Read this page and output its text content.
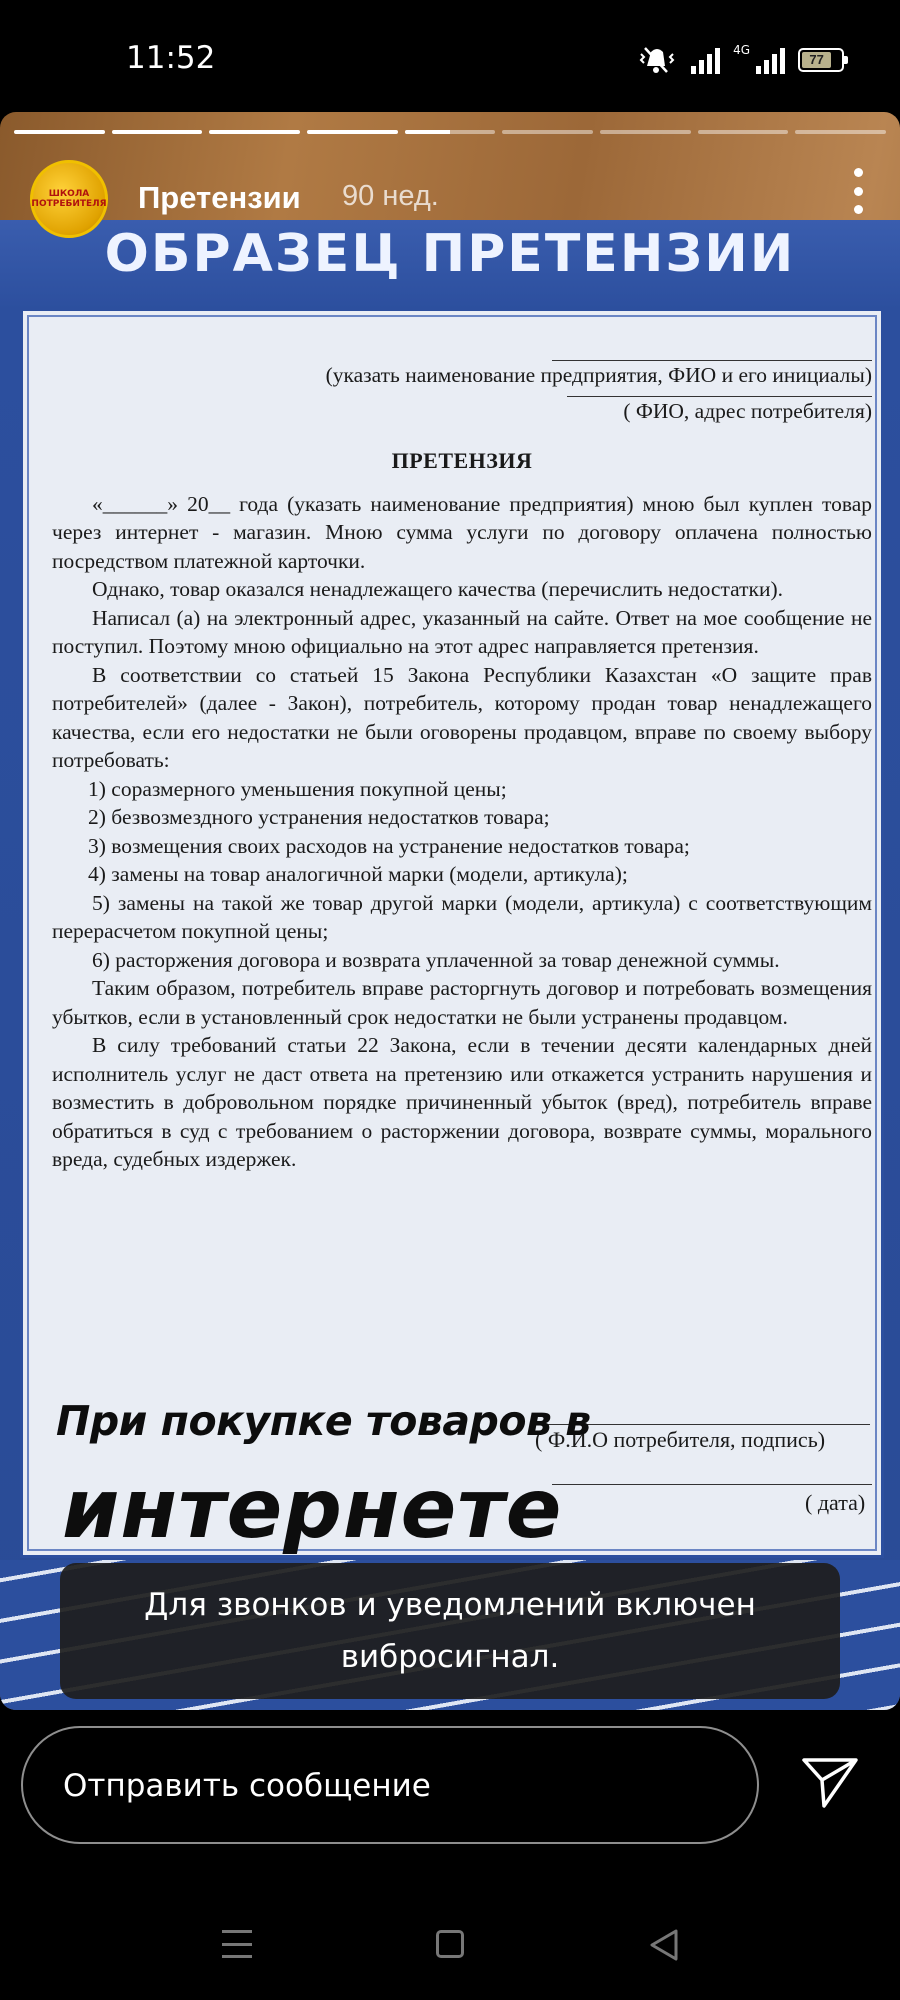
11:52	4G
77
ОБРАЗЕЦ ПРЕТЕНЗИИ
(указать наименование предприятия, ФИО и его инициалы)
( ФИО, адрес потребителя)
ПРЕТЕНЗИЯ

«______» 20__ года (указать наименование предприятия) мною был куплен товар через интернет - магазин. Мною сумма услуги по договору оплачена полностью посредством платежной карточки.

Однако, товар оказался ненадлежащего качества (перечислить недостатки).

Написал (а) на электронный адрес, указанный на сайте. Ответ на мое сообщение не поступил. Поэтому мною официально на этот адрес направляется претензия.

В соответствии со статьей 15 Закона Республики Казахстан «О защите прав потребителей» (далее - Закон), потребитель, которому продан товар ненадлежащего качества, если его недостатки не были оговорены продавцом, вправе по своему выбору потребовать:

1) соразмерного уменьшения покупной цены;

2) безвозмездного устранения недостатков товара;

3) возмещения своих расходов на устранение недостатков товара;

4) замены на товар аналогичной марки (модели, артикула);

5) замены на такой же товар другой марки (модели, артикула) с соответствующим перерасчетом покупной цены;

6) расторжения договора и возврата уплаченной за товар денежной суммы.

Таким образом, потребитель вправе расторгнуть договор и потребовать возмещения убытков, если в установленный срок недостатки не были устранены продавцом.

В силу требований статьи 22 Закона, если в течении десяти календарных дней исполнитель услуг не даст ответа на претензию или откажется устранить нарушения и возместить в добровольном порядке причиненный убыток (вред), потребитель вправе обратиться в суд с требованием о расторжении договора, возврате суммы, морального вреда, судебных издержек.

( Ф.И.О потребителя, подпись)
( дата)
При покупке товаров в
интернете
ШКОЛА ПОТРЕБИТЕЛЯ Претензии 90 нед.
Для звонков и уведомлений включен вибросигнал.
Отправить сообщение
